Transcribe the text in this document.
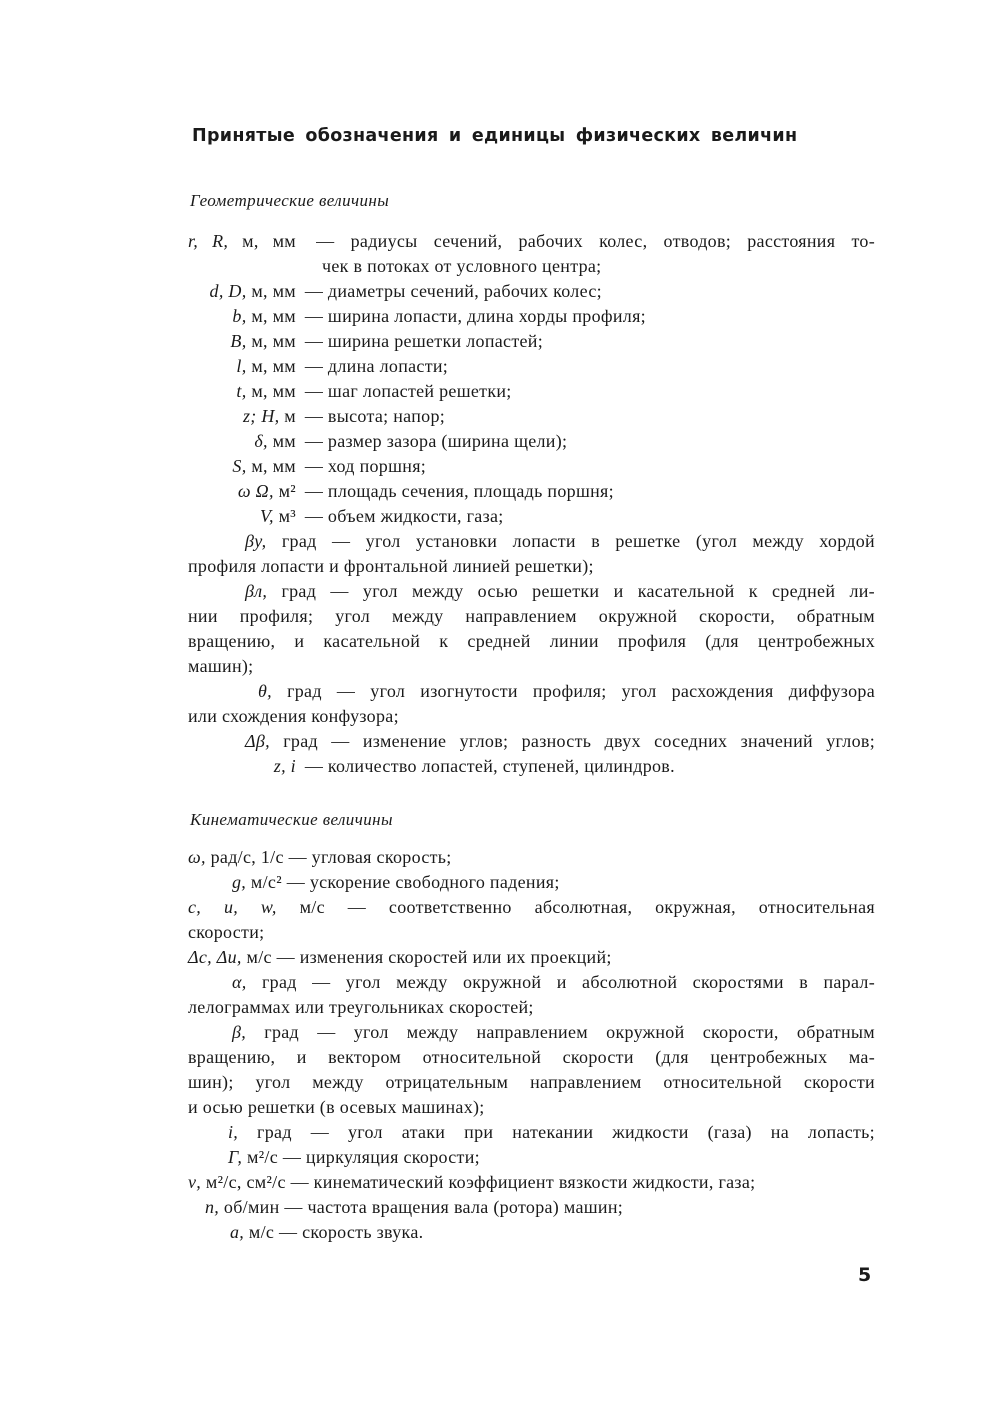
Принятые обозначения и единицы физических величин
Геометрические величины
r, R, м, мм — радиусы сечений, рабочих колес, отводов; расстояния то-
чек в потоках от условного центра;
d, D, м, мм — диаметры сечений, рабочих колес;
b, м, мм — ширина лопасти, длина хорды профиля;
B, м, мм — ширина решетки лопастей;
l, м, мм — длина лопасти;
t, м, мм — шаг лопастей решетки;
z; H, м — высота; напор;
δ, мм — размер зазора (ширина щели);
S, м, мм — ход поршня;
ω Ω, м² — площадь сечения, площадь поршня;
V, м³ — объем жидкости, газа;
βу, град — угол установки лопасти в решетке (угол между хордой
профиля лопасти и фронтальной линией решетки);
βл, град — угол между осью решетки и касательной к средней ли-
нии профиля; угол между направлением окружной скорости, обратным
вращению, и касательной к средней линии профиля (для центробежных
машин);
θ, град — угол изогнутости профиля; угол расхождения диффузора
или схождения конфузора;
Δβ, град — изменение углов; разность двух соседних значений углов;
z, i — количество лопастей, ступеней, цилиндров.
Кинематические величины
ω, рад/с, 1/с — угловая скорость;
g, м/с² — ускорение свободного падения;
c, u, w, м/с — соответственно абсолютная, окружная, относительная
скорости;
Δc, Δu, м/с — изменения скоростей или их проекций;
α, град — угол между окружной и абсолютной скоростями в парал-
лелограммах или треугольниках скоростей;
β, град — угол между направлением окружной скорости, обратным
вращению, и вектором относительной скорости (для центробежных ма-
шин); угол между отрицательным направлением относительной скорости
и осью решетки (в осевых машинах);
i, град — угол атаки при натекании жидкости (газа) на лопасть;
Г, м²/с — циркуляция скорости;
ν, м²/с, см²/с — кинематический коэффициент вязкости жидкости, газа;
n, об/мин — частота вращения вала (ротора) машин;
a, м/с — скорость звука.
5
